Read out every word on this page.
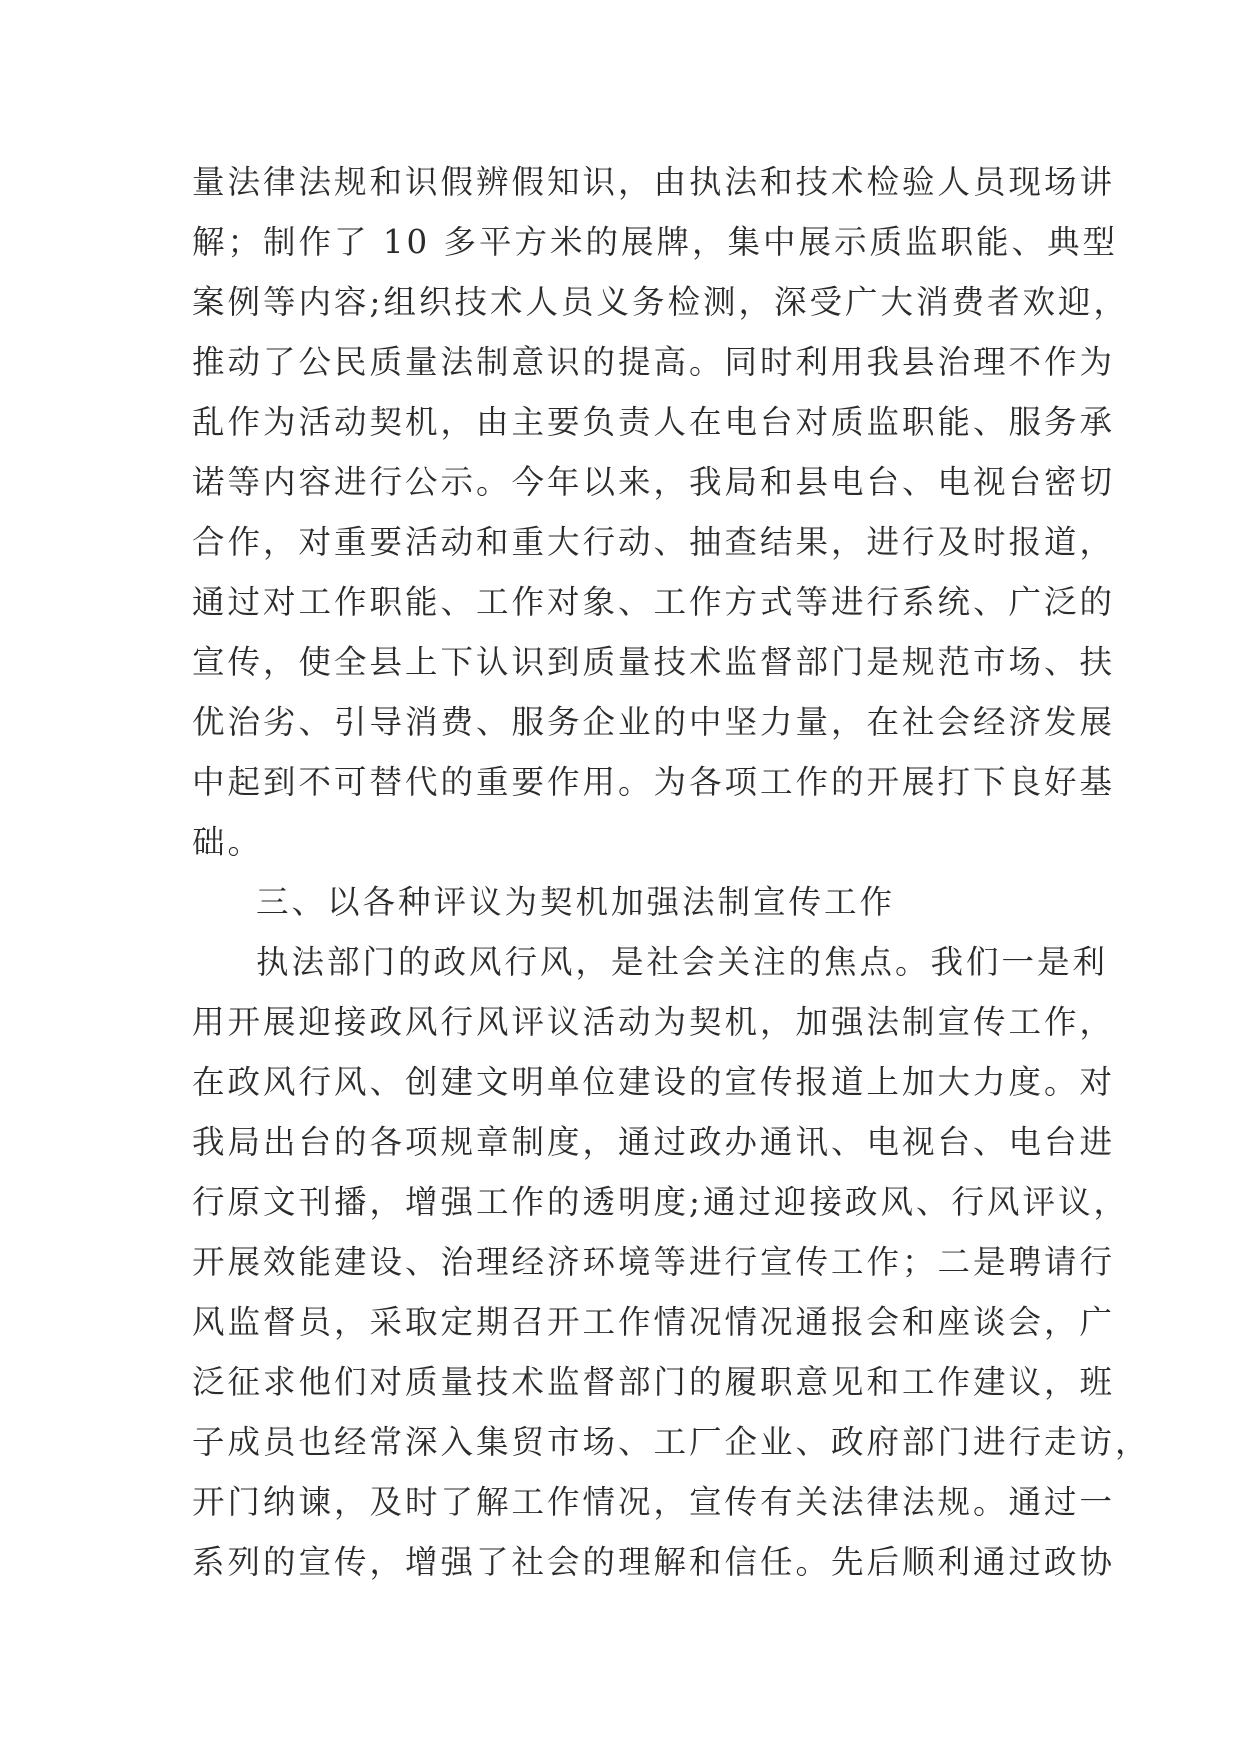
量法律法规和识假辨假知识，由执法和技术检验人员现场讲
解；制作了 10 多平方米的展牌，集中展示质监职能、典型
案例等内容;组织技术人员义务检测，深受广大消费者欢迎，
推动了公民质量法制意识的提高。同时利用我县治理不作为
乱作为活动契机，由主要负责人在电台对质监职能、服务承
诺等内容进行公示。今年以来，我局和县电台、电视台密切
合作，对重要活动和重大行动、抽查结果，进行及时报道，
通过对工作职能、工作对象、工作方式等进行系统、广泛的
宣传，使全县上下认识到质量技术监督部门是规范市场、扶
优治劣、引导消费、服务企业的中坚力量，在社会经济发展
中起到不可替代的重要作用。为各项工作的开展打下良好基
础。
三、以各种评议为契机加强法制宣传工作
执法部门的政风行风，是社会关注的焦点。我们一是利
用开展迎接政风行风评议活动为契机，加强法制宣传工作，
在政风行风、创建文明单位建设的宣传报道上加大力度。对
我局出台的各项规章制度，通过政办通讯、电视台、电台进
行原文刊播，增强工作的透明度;通过迎接政风、行风评议，
开展效能建设、治理经济环境等进行宣传工作；二是聘请行
风监督员，采取定期召开工作情况情况通报会和座谈会，广
泛征求他们对质量技术监督部门的履职意见和工作建议，班
子成员也经常深入集贸市场、工厂企业、政府部门进行走访，
开门纳谏，及时了解工作情况，宣传有关法律法规。通过一
系列的宣传，增强了社会的理解和信任。先后顺利通过政协
